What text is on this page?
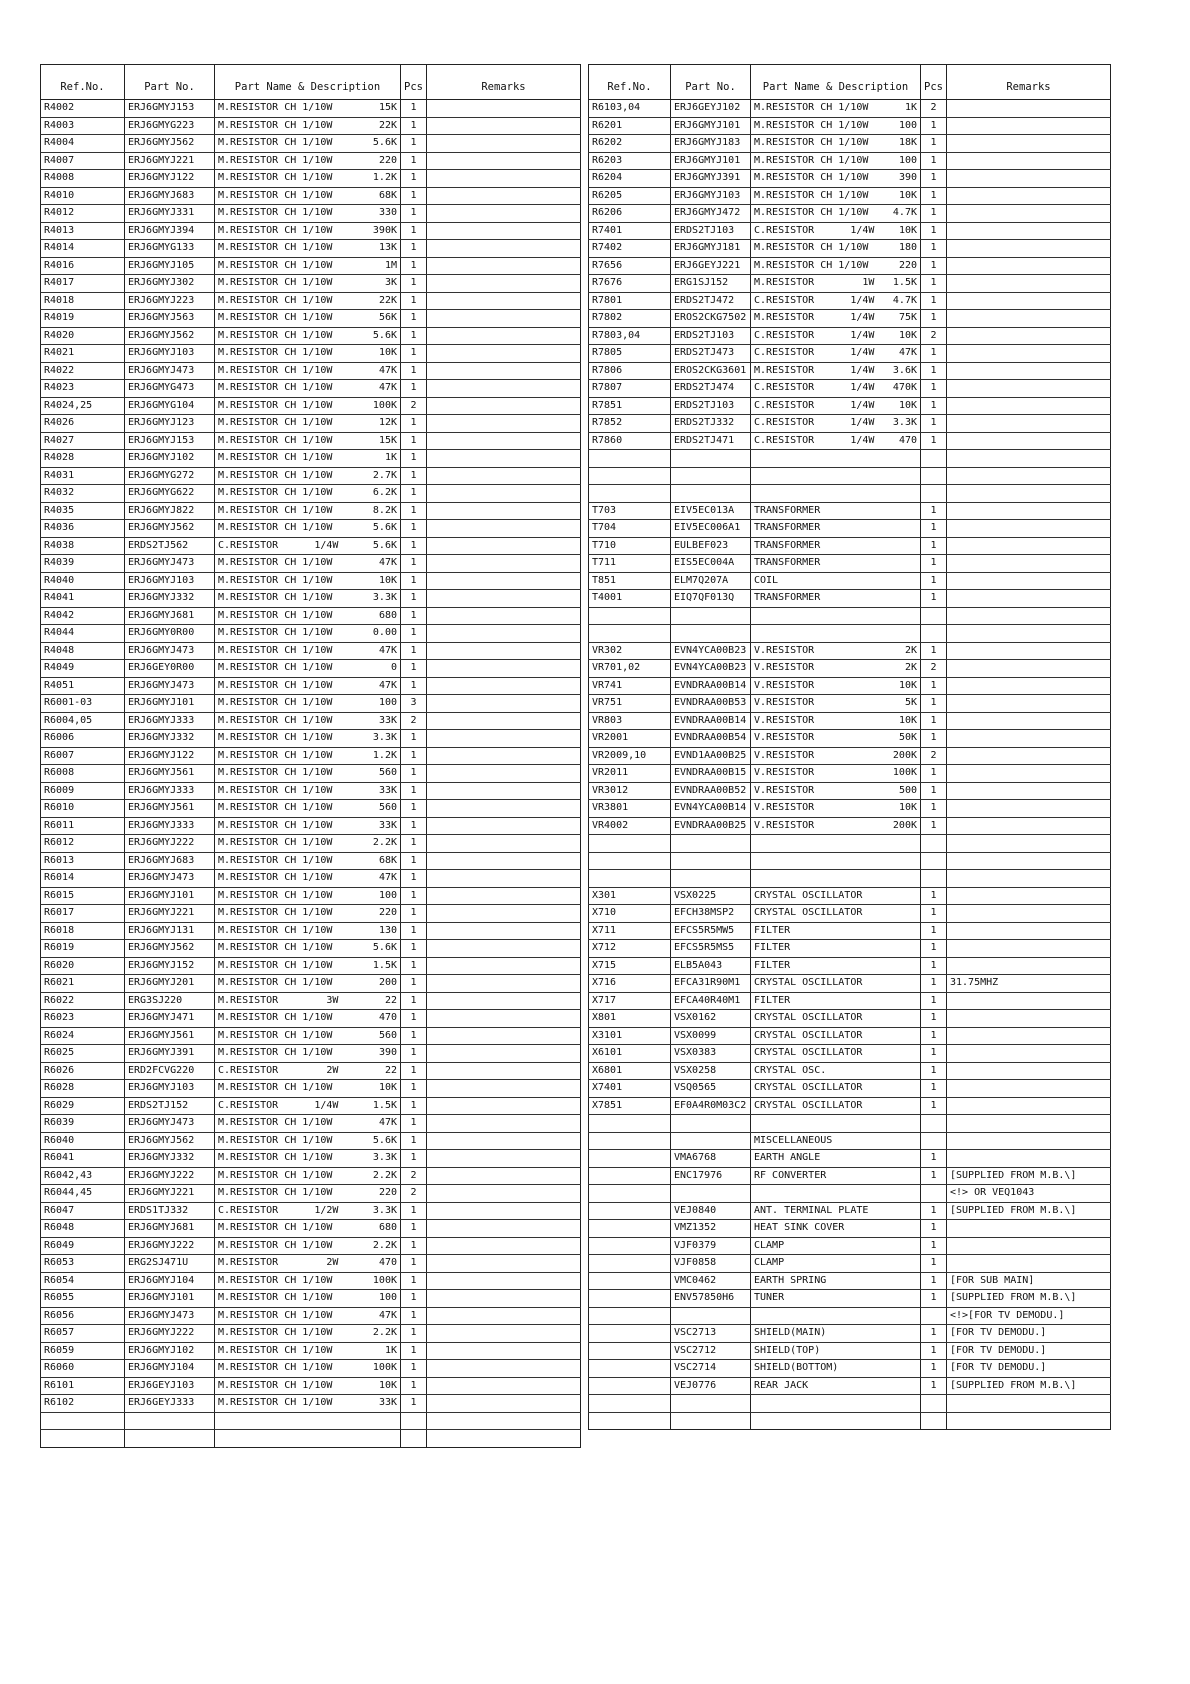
Ref.No.	Part No.	Part Name & Description	Pcs	Remarks
R4002	ERJ6GMYJ153	M.RESISTOR CH 1/10W 15K	1	
R4003	ERJ6GMYG223	M.RESISTOR CH 1/10W 22K	1	
R4004	ERJ6GMYJ562	M.RESISTOR CH 1/10W 5.6K	1	
R4007	ERJ6GMYJ221	M.RESISTOR CH 1/10W 220	1	
R4008	ERJ6GMYJ122	M.RESISTOR CH 1/10W 1.2K	1	
R4010	ERJ6GMYJ683	M.RESISTOR CH 1/10W 68K	1	
R4012	ERJ6GMYJ331	M.RESISTOR CH 1/10W 330	1	
R4013	ERJ6GMYJ394	M.RESISTOR CH 1/10W 390K	1	
R4014	ERJ6GMYG133	M.RESISTOR CH 1/10W 13K	1	
R4016	ERJ6GMYJ105	M.RESISTOR CH 1/10W 1M	1	
R4017	ERJ6GMYJ302	M.RESISTOR CH 1/10W 3K	1	
R4018	ERJ6GMYJ223	M.RESISTOR CH 1/10W 22K	1	
R4019	ERJ6GMYJ563	M.RESISTOR CH 1/10W 56K	1	
R4020	ERJ6GMYJ562	M.RESISTOR CH 1/10W 5.6K	1	
R4021	ERJ6GMYJ103	M.RESISTOR CH 1/10W 10K	1	
R4022	ERJ6GMYJ473	M.RESISTOR CH 1/10W 47K	1	
R4023	ERJ6GMYG473	M.RESISTOR CH 1/10W 47K	1	
R4024,25	ERJ6GMYG104	M.RESISTOR CH 1/10W 100K	2	
R4026	ERJ6GMYJ123	M.RESISTOR CH 1/10W 12K	1	
R4027	ERJ6GMYJ153	M.RESISTOR CH 1/10W 15K	1	
R4028	ERJ6GMYJ102	M.RESISTOR CH 1/10W 1K	1	
R4031	ERJ6GMYG272	M.RESISTOR CH 1/10W 2.7K	1	
R4032	ERJ6GMYG622	M.RESISTOR CH 1/10W 6.2K	1	
R4035	ERJ6GMYJ822	M.RESISTOR CH 1/10W 8.2K	1	
R4036	ERJ6GMYJ562	M.RESISTOR CH 1/10W 5.6K	1	
R4038	ERDS2TJ562	C.RESISTOR      1/4W 5.6K	1	
R4039	ERJ6GMYJ473	M.RESISTOR CH 1/10W 47K	1	
R4040	ERJ6GMYJ103	M.RESISTOR CH 1/10W 10K	1	
R4041	ERJ6GMYJ332	M.RESISTOR CH 1/10W 3.3K	1	
R4042	ERJ6GMYJ681	M.RESISTOR CH 1/10W 680	1	
R4044	ERJ6GMY0R00	M.RESISTOR CH 1/10W 0.00	1	
R4048	ERJ6GMYJ473	M.RESISTOR CH 1/10W 47K	1	
R4049	ERJ6GEY0R00	M.RESISTOR CH 1/10W 0	1	
R4051	ERJ6GMYJ473	M.RESISTOR CH 1/10W 47K	1	
R6001-03	ERJ6GMYJ101	M.RESISTOR CH 1/10W 100	3	
R6004,05	ERJ6GMYJ333	M.RESISTOR CH 1/10W 33K	2	
R6006	ERJ6GMYJ332	M.RESISTOR CH 1/10W 3.3K	1	
R6007	ERJ6GMYJ122	M.RESISTOR CH 1/10W 1.2K	1	
R6008	ERJ6GMYJ561	M.RESISTOR CH 1/10W 560	1	
R6009	ERJ6GMYJ333	M.RESISTOR CH 1/10W 33K	1	
R6010	ERJ6GMYJ561	M.RESISTOR CH 1/10W 560	1	
R6011	ERJ6GMYJ333	M.RESISTOR CH 1/10W 33K	1	
R6012	ERJ6GMYJ222	M.RESISTOR CH 1/10W 2.2K	1	
R6013	ERJ6GMYJ683	M.RESISTOR CH 1/10W 68K	1	
R6014	ERJ6GMYJ473	M.RESISTOR CH 1/10W 47K	1	
R6015	ERJ6GMYJ101	M.RESISTOR CH 1/10W 100	1	
R6017	ERJ6GMYJ221	M.RESISTOR CH 1/10W 220	1	
R6018	ERJ6GMYJ131	M.RESISTOR CH 1/10W 130	1	
R6019	ERJ6GMYJ562	M.RESISTOR CH 1/10W 5.6K	1	
R6020	ERJ6GMYJ152	M.RESISTOR CH 1/10W 1.5K	1	
R6021	ERJ6GMYJ201	M.RESISTOR CH 1/10W 200	1	
R6022	ERG3SJ220	M.RESISTOR        3W 22	1	
R6023	ERJ6GMYJ471	M.RESISTOR CH 1/10W 470	1	
R6024	ERJ6GMYJ561	M.RESISTOR CH 1/10W 560	1	
R6025	ERJ6GMYJ391	M.RESISTOR CH 1/10W 390	1	
R6026	ERD2FCVG220	C.RESISTOR        2W 22	1	
R6028	ERJ6GMYJ103	M.RESISTOR CH 1/10W 10K	1	
R6029	ERDS2TJ152	C.RESISTOR      1/4W 1.5K	1	
R6039	ERJ6GMYJ473	M.RESISTOR CH 1/10W 47K	1	
R6040	ERJ6GMYJ562	M.RESISTOR CH 1/10W 5.6K	1	
R6041	ERJ6GMYJ332	M.RESISTOR CH 1/10W 3.3K	1	
R6042,43	ERJ6GMYJ222	M.RESISTOR CH 1/10W 2.2K	2	
R6044,45	ERJ6GMYJ221	M.RESISTOR CH 1/10W 220	2	
R6047	ERDS1TJ332	C.RESISTOR      1/2W 3.3K	1	
R6048	ERJ6GMYJ681	M.RESISTOR CH 1/10W 680	1	
R6049	ERJ6GMYJ222	M.RESISTOR CH 1/10W 2.2K	1	
R6053	ERG2SJ471U	M.RESISTOR        2W 470	1	
R6054	ERJ6GMYJ104	M.RESISTOR CH 1/10W 100K	1	
R6055	ERJ6GMYJ101	M.RESISTOR CH 1/10W 100	1	
R6056	ERJ6GMYJ473	M.RESISTOR CH 1/10W 47K	1	
R6057	ERJ6GMYJ222	M.RESISTOR CH 1/10W 2.2K	1	
R6059	ERJ6GMYJ102	M.RESISTOR CH 1/10W 1K	1	
R6060	ERJ6GMYJ104	M.RESISTOR CH 1/10W 100K	1	
R6101	ERJ6GEYJ103	M.RESISTOR CH 1/10W 10K	1	
R6102	ERJ6GEYJ333	M.RESISTOR CH 1/10W 33K	1	

Ref.No.	Part No.	Part Name & Description	Pcs	Remarks
R6103,04	ERJ6GEYJ102	M.RESISTOR CH 1/10W 1K	2	
R6201	ERJ6GMYJ101	M.RESISTOR CH 1/10W 100	1	
R6202	ERJ6GMYJ183	M.RESISTOR CH 1/10W 18K	1	
R6203	ERJ6GMYJ101	M.RESISTOR CH 1/10W 100	1	
R6204	ERJ6GMYJ391	M.RESISTOR CH 1/10W 390	1	
R6205	ERJ6GMYJ103	M.RESISTOR CH 1/10W 10K	1	
R6206	ERJ6GMYJ472	M.RESISTOR CH 1/10W 4.7K	1	
R7401	ERDS2TJ103	C.RESISTOR      1/4W 10K	1	
R7402	ERJ6GMYJ181	M.RESISTOR CH 1/10W 180	1	
R7656	ERJ6GEYJ221	M.RESISTOR CH 1/10W 220	1	
R7676	ERG1SJ152	M.RESISTOR        1W 1.5K	1	
R7801	ERDS2TJ472	C.RESISTOR      1/4W 4.7K	1	
R7802	EROS2CKG7502	M.RESISTOR      1/4W 75K	1	
R7803,04	ERDS2TJ103	C.RESISTOR      1/4W 10K	2	
R7805	ERDS2TJ473	C.RESISTOR      1/4W 47K	1	
R7806	EROS2CKG3601	M.RESISTOR      1/4W 3.6K	1	
R7807	ERDS2TJ474	C.RESISTOR      1/4W 470K	1	
R7851	ERDS2TJ103	C.RESISTOR      1/4W 10K	1	
R7852	ERDS2TJ332	C.RESISTOR      1/4W 3.3K	1	
R7860	ERDS2TJ471	C.RESISTOR      1/4W 470	1	

T703	EIV5EC013A	TRANSFORMER	1	
T704	EIV5EC006A1	TRANSFORMER	1	
T710	EULBEF023	TRANSFORMER	1	
T711	EIS5EC004A	TRANSFORMER	1	
T851	ELM7Q207A	COIL	1	
T4001	EIQ7QF013Q	TRANSFORMER	1	

VR302	EVN4YCA00B23	V.RESISTOR 2K	1	
VR701,02	EVN4YCA00B23	V.RESISTOR 2K	2	
VR741	EVNDRAA00B14	V.RESISTOR 10K	1	
VR751	EVNDRAA00B53	V.RESISTOR 5K	1	
VR803	EVNDRAA00B14	V.RESISTOR 10K	1	
VR2001	EVNDRAA00B54	V.RESISTOR 50K	1	
VR2009,10	EVND1AA00B25	V.RESISTOR 200K	2	
VR2011	EVNDRAA00B15	V.RESISTOR 100K	1	
VR3012	EVNDRAA00B52	V.RESISTOR 500	1	
VR3801	EVN4YCA00B14	V.RESISTOR 10K	1	
VR4002	EVNDRAA00B25	V.RESISTOR 200K	1	

X301	VSX0225	CRYSTAL OSCILLATOR	1	
X710	EFCH38MSP2	CRYSTAL OSCILLATOR	1	
X711	EFCS5R5MW5	FILTER	1	
X712	EFCS5R5MS5	FILTER	1	
X715	ELB5A043	FILTER	1	
X716	EFCA31R90M1	CRYSTAL OSCILLATOR	1	31.75MHZ
X717	EFCA40R40M1	FILTER	1	
X801	VSX0162	CRYSTAL OSCILLATOR	1	
X3101	VSX0099	CRYSTAL OSCILLATOR	1	
X6101	VSX0383	CRYSTAL OSCILLATOR	1	
X6801	VSX0258	CRYSTAL OSC.	1	
X7401	VSQ0565	CRYSTAL OSCILLATOR	1	
X7851	EF0A4R0M03C2	CRYSTAL OSCILLATOR	1	

		MISCELLANEOUS		

	VMA6768	EARTH ANGLE	1	
	ENC17976	RF CONVERTER	1	[SUPPLIED FROM M.B.\]

		<!> OR VEQ1043
	VEJ0840	ANT. TERMINAL PLATE	1	[SUPPLIED FROM M.B.\]
	VMZ1352	HEAT SINK COVER	1	
	VJF0379	CLAMP	1	
	VJF0858	CLAMP	1	
	VMC0462	EARTH SPRING	1	[FOR SUB MAIN]
	ENV57850H6	TUNER	1	[SUPPLIED FROM M.B.\]

		<!>[FOR TV DEMODU.]
	VSC2713	SHIELD(MAIN)	1	[FOR TV DEMODU.]
	VSC2712	SHIELD(TOP)	1	[FOR TV DEMODU.]
	VSC2714	SHIELD(BOTTOM)	1	[FOR TV DEMODU.]
	VEJ0776	REAR JACK	1	[SUPPLIED FROM M.B.\]
